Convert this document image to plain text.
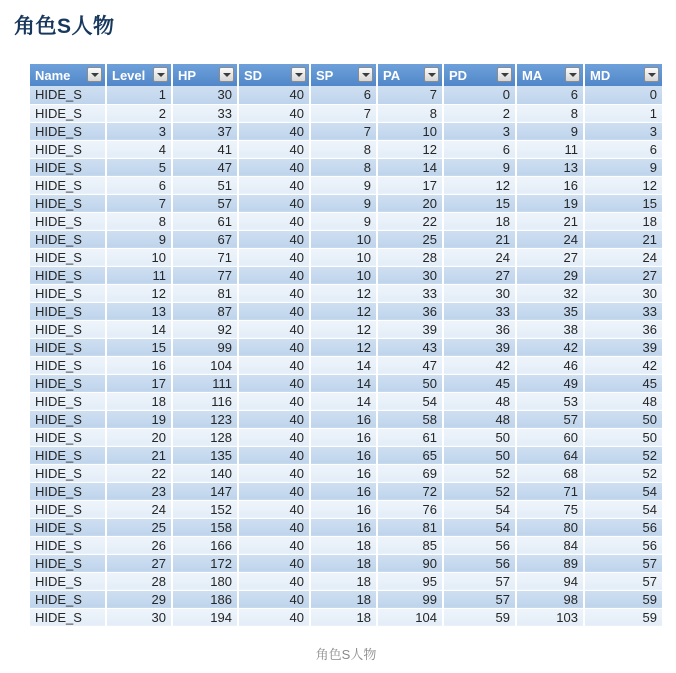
角色S人物
Name	Level	HP	SD	SP	PA	PD	MA	MD

HIDE_S	1	30	40	6	7	0	6	0
HIDE_S	2	33	40	7	8	2	8	1
HIDE_S	3	37	40	7	10	3	9	3
HIDE_S	4	41	40	8	12	6	11	6
HIDE_S	5	47	40	8	14	9	13	9
HIDE_S	6	51	40	9	17	12	16	12
HIDE_S	7	57	40	9	20	15	19	15
HIDE_S	8	61	40	9	22	18	21	18
HIDE_S	9	67	40	10	25	21	24	21
HIDE_S	10	71	40	10	28	24	27	24
HIDE_S	11	77	40	10	30	27	29	27
HIDE_S	12	81	40	12	33	30	32	30
HIDE_S	13	87	40	12	36	33	35	33
HIDE_S	14	92	40	12	39	36	38	36
HIDE_S	15	99	40	12	43	39	42	39
HIDE_S	16	104	40	14	47	42	46	42
HIDE_S	17	111	40	14	50	45	49	45
HIDE_S	18	116	40	14	54	48	53	48
HIDE_S	19	123	40	16	58	48	57	50
HIDE_S	20	128	40	16	61	50	60	50
HIDE_S	21	135	40	16	65	50	64	52
HIDE_S	22	140	40	16	69	52	68	52
HIDE_S	23	147	40	16	72	52	71	54
HIDE_S	24	152	40	16	76	54	75	54
HIDE_S	25	158	40	16	81	54	80	56
HIDE_S	26	166	40	18	85	56	84	56
HIDE_S	27	172	40	18	90	56	89	57
HIDE_S	28	180	40	18	95	57	94	57
HIDE_S	29	186	40	18	99	57	98	59
HIDE_S	30	194	40	18	104	59	103	59
角色S人物
